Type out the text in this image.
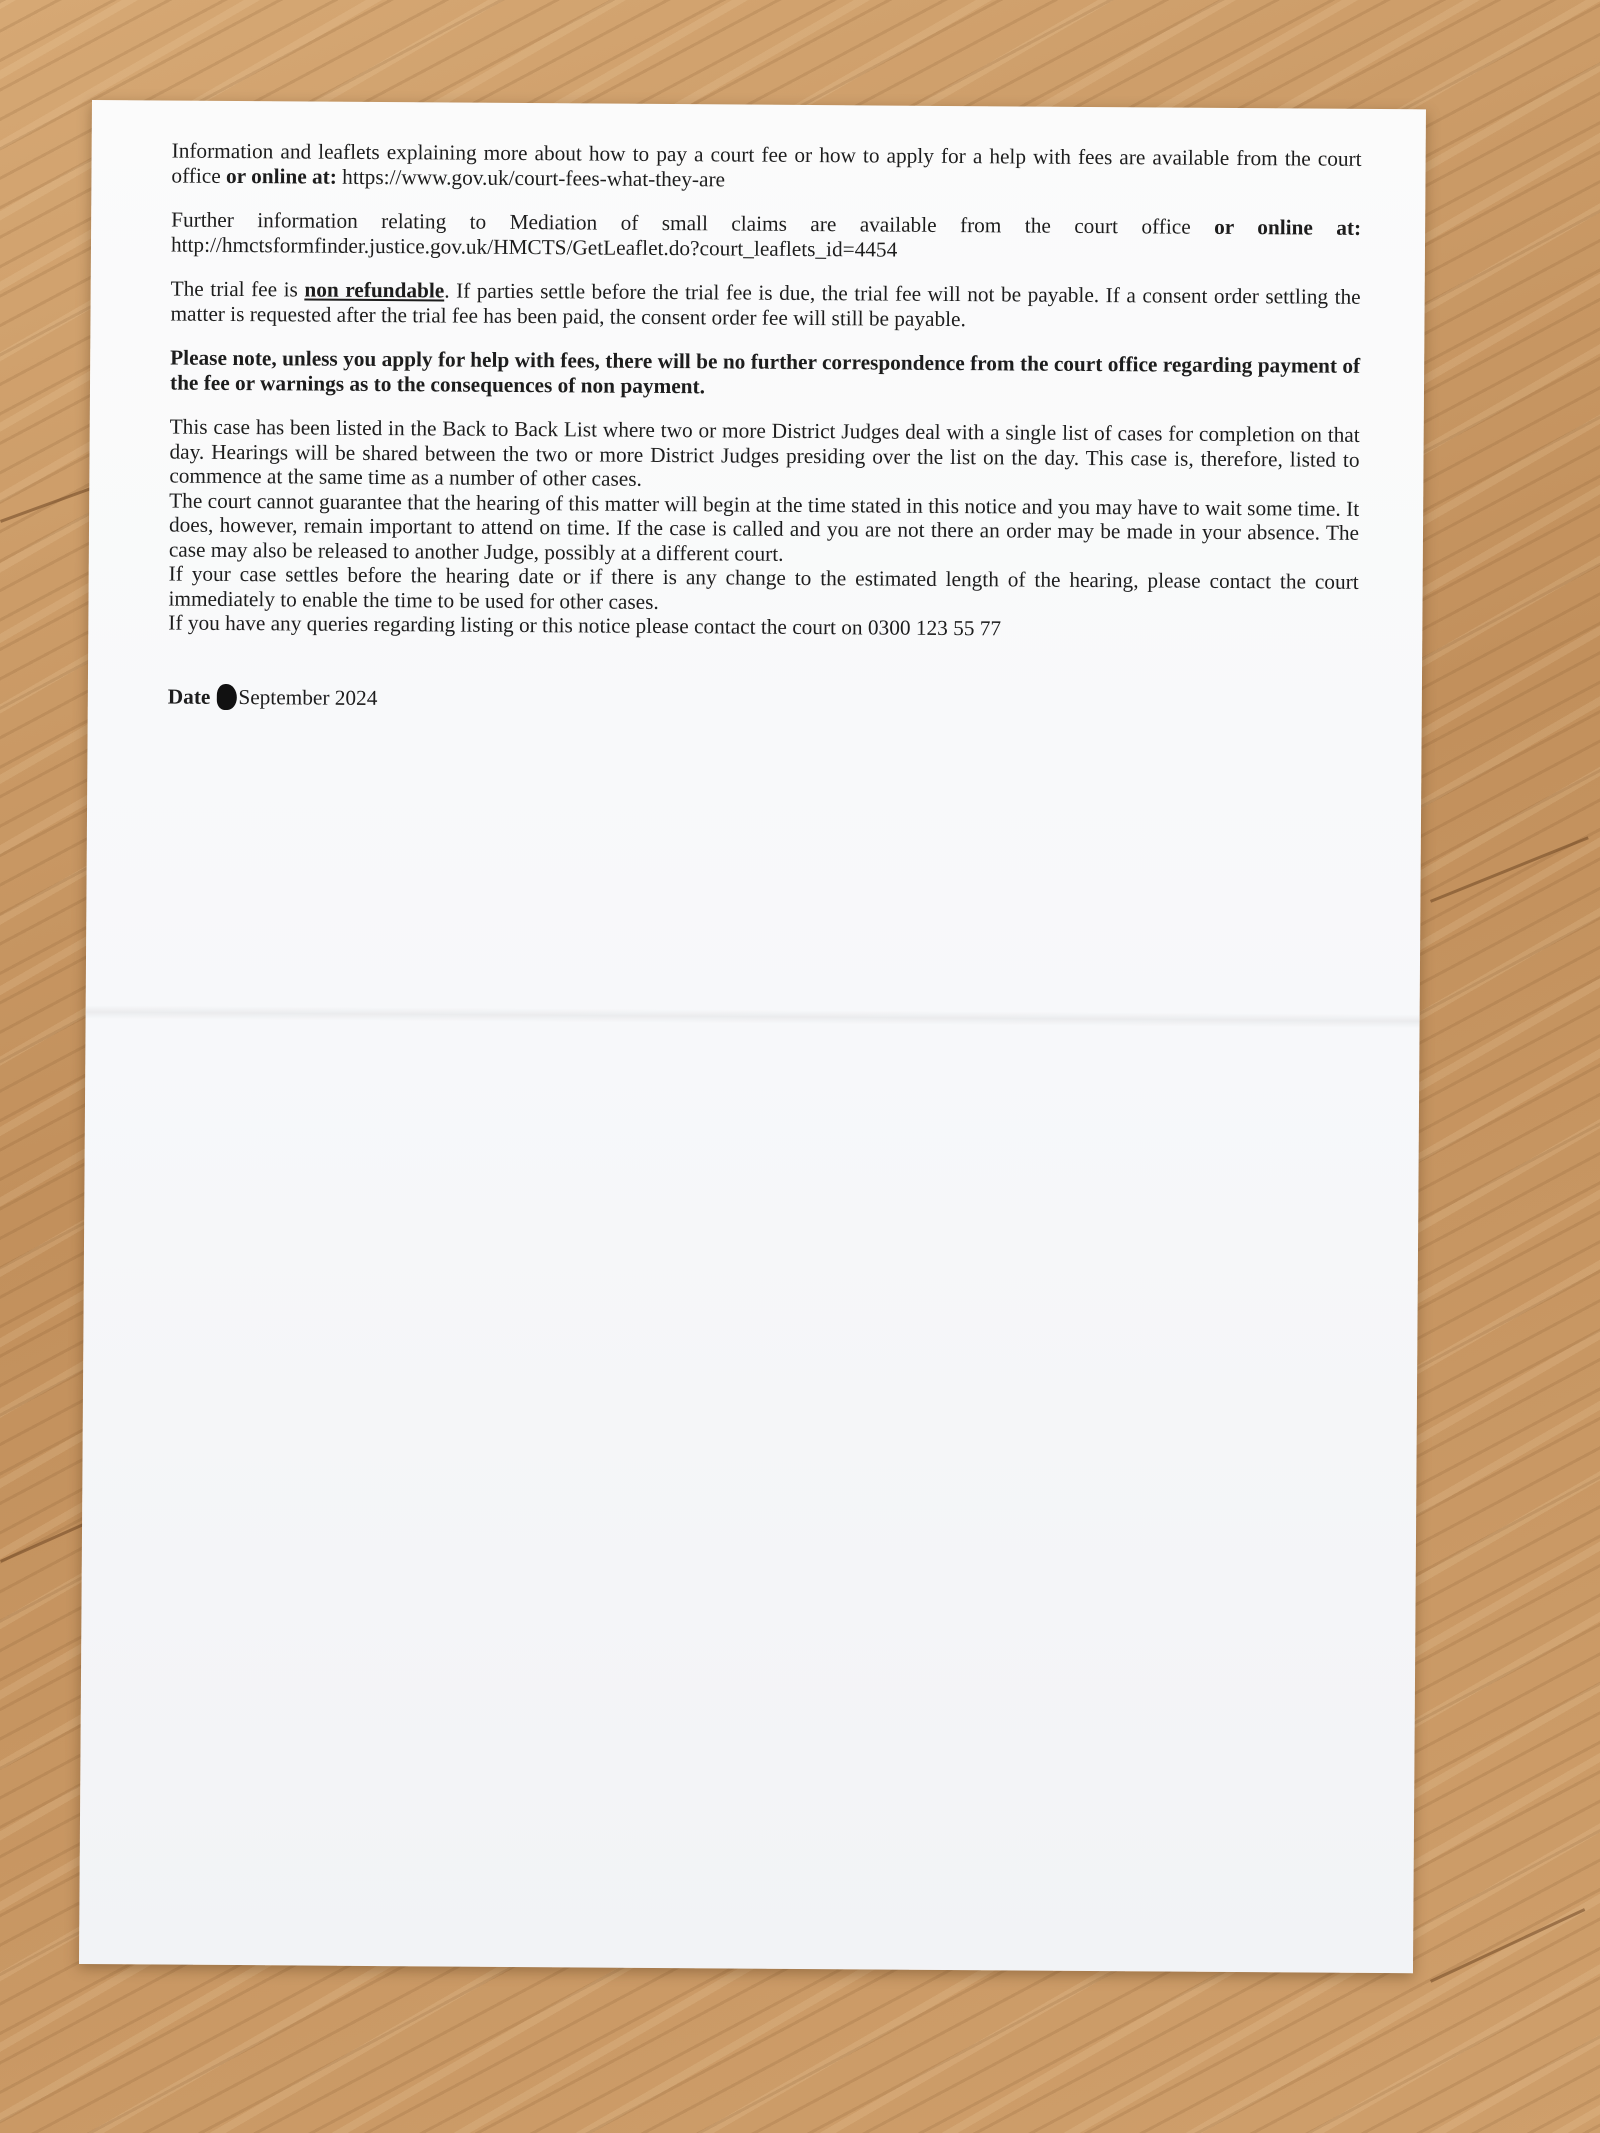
Information and leaflets explaining more about how to pay a court fee or how to apply for a help with fees are available from the court office or online at: https://www.gov.uk/court-fees-what-they-are

Further information relating to Mediation of small claims are available from the court office or online at: http://hmctsformfinder.justice.gov.uk/HMCTS/GetLeaflet.do?court_leaflets_id=4454

The trial fee is non refundable. If parties settle before the trial fee is due, the trial fee will not be payable. If a consent order settling the matter is requested after the trial fee has been paid, the consent order fee will still be payable.

Please note, unless you apply for help with fees, there will be no further correspondence from the court office regarding payment of the fee or warnings as to the consequences of non payment.

This case has been listed in the Back to Back List where two or more District Judges deal with a single list of cases for completion on that day. Hearings will be shared between the two or more District Judges presiding over the list on the day. This case is, therefore, listed to commence at the same time as a number of other cases.

The court cannot guarantee that the hearing of this matter will begin at the time stated in this notice and you may have to wait some time. It does, however, remain important to attend on time. If the case is called and you are not there an order may be made in your absence. The case may also be released to another Judge, possibly at a different court.

If your case settles before the hearing date or if there is any change to the estimated length of the hearing, please contact the court immediately to enable the time to be used for other cases.

If you have any queries regarding listing or this notice please contact the court on 0300 123 55 77

Date September 2024
